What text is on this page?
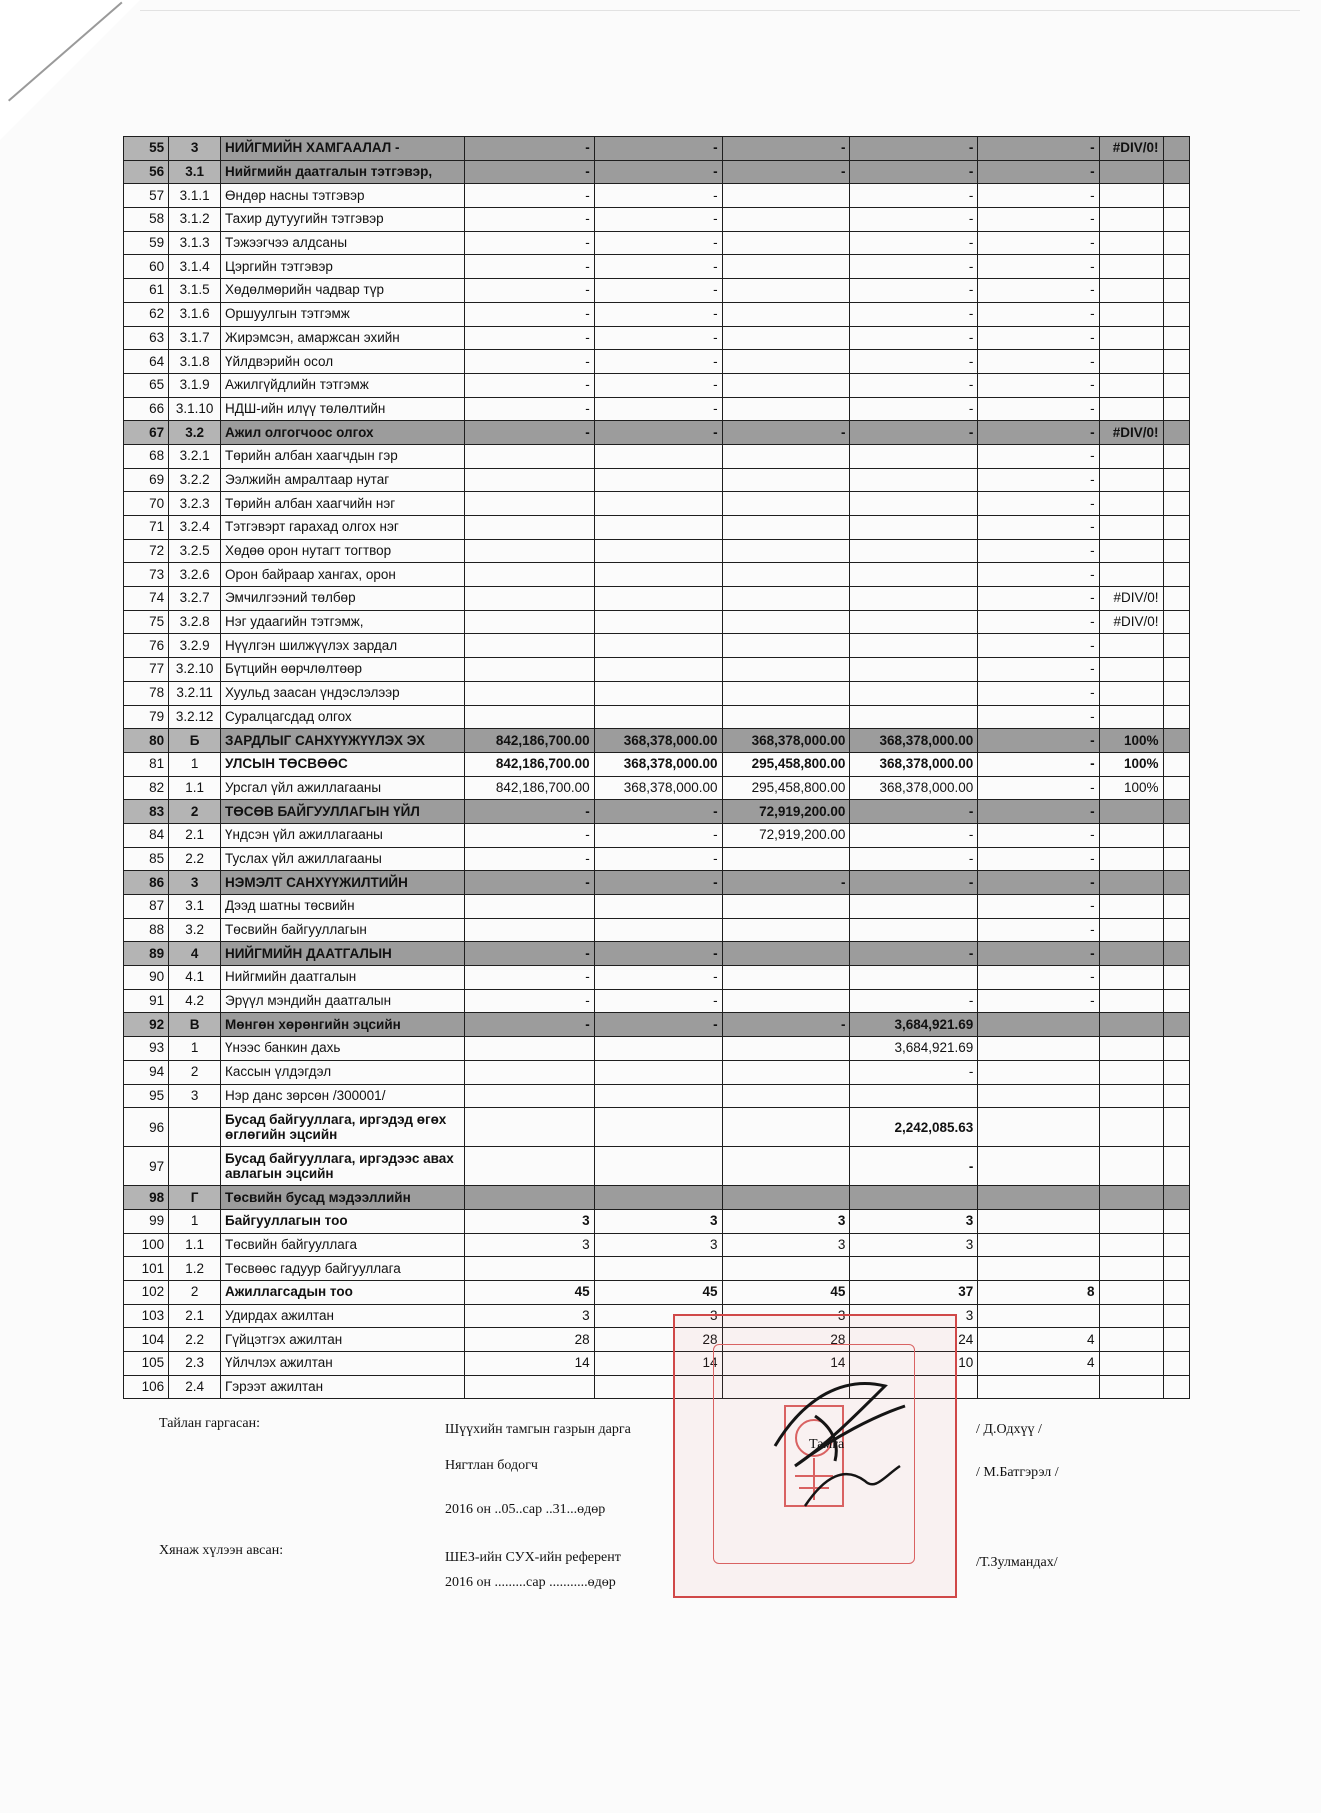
55	3	НИЙГМИЙН ХАМГААЛАЛ -	-	-	-	-	-	#DIV/0!	
56	3.1	Нийгмийн даатгалын тэтгэвэр,	-	-	-	-	-		
57	3.1.1	Өндөр насны тэтгэвэр	-	-		-	-		
58	3.1.2	Тахир дутуугийн тэтгэвэр	-	-		-	-		
59	3.1.3	Тэжээгчээ алдсаны	-	-		-	-		
60	3.1.4	Цэргийн тэтгэвэр	-	-		-	-		
61	3.1.5	Хөдөлмөрийн чадвар түр	-	-		-	-		
62	3.1.6	Оршуулгын тэтгэмж	-	-		-	-		
63	3.1.7	Жирэмсэн, амаржсан эхийн	-	-		-	-		
64	3.1.8	Үйлдвэрийн осол	-	-		-	-		
65	3.1.9	Ажилгүйдлийн тэтгэмж	-	-		-	-		
66	3.1.10	НДШ-ийн илүү төлөлтийн	-	-		-	-		
67	3.2	Ажил олгогчоос олгох	-	-	-	-	-	#DIV/0!	
68	3.2.1	Төрийн албан хаагчдын гэр					-		
69	3.2.2	Ээлжийн амралтаар нутаг					-		
70	3.2.3	Төрийн албан хаагчийн нэг					-		
71	3.2.4	Тэтгэвэрт гарахад олгох нэг					-		
72	3.2.5	Хөдөө орон нутагт тогтвор					-		
73	3.2.6	Орон байраар хангах, орон					-		
74	3.2.7	Эмчилгээний төлбөр					-	#DIV/0!	
75	3.2.8	Нэг удаагийн тэтгэмж,					-	#DIV/0!	
76	3.2.9	Нүүлгэн шилжүүлэх зардал					-		
77	3.2.10	Бүтцийн өөрчлөлтөөр					-		
78	3.2.11	Хуульд заасан үндэслэлээр					-		
79	3.2.12	Суралцагсдад олгох					-		
80	Б	ЗАРДЛЫГ САНХҮҮЖҮҮЛЭХ ЭХ	842,186,700.00	368,378,000.00	368,378,000.00	368,378,000.00	-	100%	
81	1	УЛСЫН ТӨСВӨӨС	842,186,700.00	368,378,000.00	295,458,800.00	368,378,000.00	-	100%	
82	1.1	Урсгал үйл ажиллагааны	842,186,700.00	368,378,000.00	295,458,800.00	368,378,000.00	-	100%	
83	2	ТӨСӨВ БАЙГУУЛЛАГЫН ҮЙЛ	-	-	72,919,200.00	-	-		
84	2.1	Үндсэн үйл ажиллагааны	-	-	72,919,200.00	-	-		
85	2.2	Туслах үйл ажиллагааны	-	-		-	-		
86	3	НЭМЭЛТ САНХҮҮЖИЛТИЙН	-	-	-	-	-		
87	3.1	Дээд шатны төсвийн					-		
88	3.2	Төсвийн байгууллагын					-		
89	4	НИЙГМИЙН ДААТГАЛЫН	-	-		-	-		
90	4.1	Нийгмийн даатгалын	-	-			-		
91	4.2	Эрүүл мэндийн даатгалын	-	-		-	-		
92	В	Мөнгөн хөрөнгийн эцсийн	-	-	-	3,684,921.69			
93	1	Үнээс банкин дахь				3,684,921.69			
94	2	Кассын үлдэгдэл				-			
95	3	Нэр данс зөрсөн /300001/							
96		Бусад байгууллага, иргэдэд өгөх өглөгийн эцсийн				2,242,085.63			
97		Бусад байгууллага, иргэдээс авах авлагын эцсийн				-			
98	Г	Төсвийн бусад мэдээллийн							
99	1	Байгууллагын тоо	3	3	3	3			
100	1.1	Төсвийн байгууллага	3	3	3	3			
101	1.2	Төсвөөс гадуур байгууллага							
102	2	Ажиллагсадын тоо	45	45	45	37	8		
103	2.1	Удирдах ажилтан	3	3	3	3			
104	2.2	Гүйцэтгэх ажилтан	28	28	28	24	4		
105	2.3	Үйлчлэх ажилтан	14	14	14	10	4		
106	2.4	Гэрээт ажилтан							
Тайлан гаргасан:	Шүүхийн тамгын газрын дарга	/ Д.Одхүү /
Нягтлан бодогч	/ М.Батгэрэл /
2016 он ..05..сар ..31...өдөр
Хянаж хүлээн авсан:	ШЕЗ-ийн СУХ-ийн референт	/Т.Зулмандах/
2016 он .........сар ...........өдөр
Тамга
